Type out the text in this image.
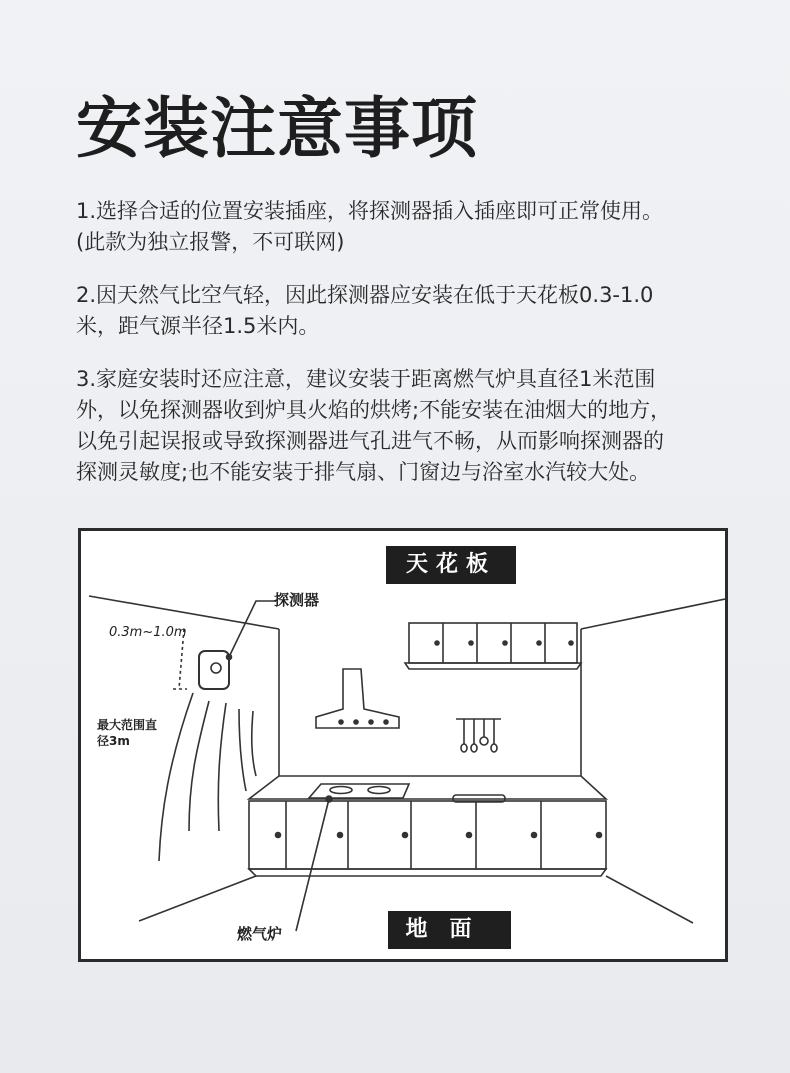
安装注意事项

1.选择合适的位置安装插座，将探测器插入插座即可正常使用。
(此款为独立报警，不可联网)

2.因天然气比空气轻，因此探测器应安装在低于天花板0.3-1.0
米，距气源半径1.5米内。

3.家庭安装时还应注意，建议安装于距离燃气炉具直径1米范围
外，以免探测器收到炉具火焰的烘烤;不能安装在油烟大的地方，
以免引起误报或导致探测器进气孔进气不畅，从而影响探测器的
探测灵敏度;也不能安装于排气扇、门窗边与浴室水汽较大处。

天花板
地面
探测器
0.3m~1.0m
最大范围直径3m
燃气炉
